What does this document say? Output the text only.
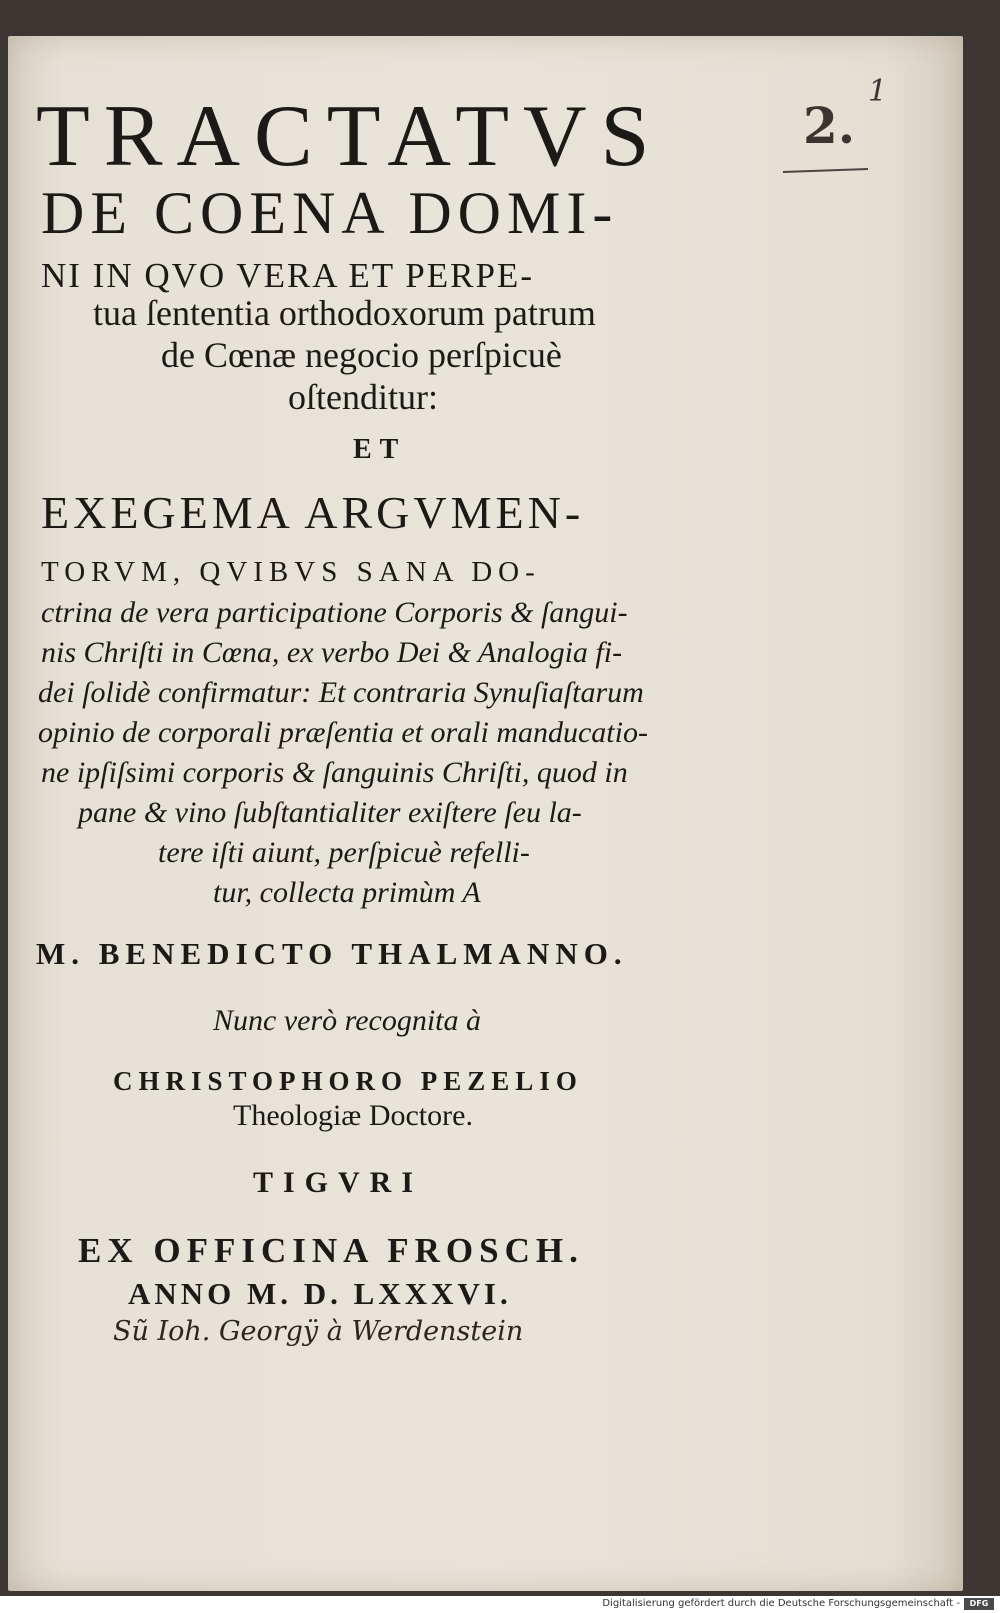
TRACTATVS
DE COENA DOMI-
NI IN QVO VERA ET PERPE-
tua ſententia orthodoxorum patrum
de Cœnæ negocio perſpicuè
oſtenditur:
ET
EXEGEMA ARGVMEN-
TORVM, QVIBVS SANA DO-
ctrina de vera participatione Corporis & ſangui-
nis Chriſti in Cœna, ex verbo Dei & Analogia fi-
dei ſolidè confirmatur: Et contraria Synuſiaſtarum
opinio de corporali præſentia et orali manducatio-
ne ipſiſsimi corporis & ſanguinis Chriſti, quod in
pane & vino ſubſtantialiter exiſtere ſeu la-
tere iſti aiunt, perſpicuè refelli-
tur, collecta primùm A
M. BENEDICTO THALMANNO.
Nunc verò recognita à
CHRISTOPHORO PEZELIO
Theologiæ Doctore.
TIGVRI
EX OFFICINA FROSCH.
ANNO M. D. LXXXVI.
Sũ Ioh. Georgÿ à Werdenstein
2.
1
Digitalisierung gefördert durch die Deutsche Forschungsgemeinschaft -	DFG
